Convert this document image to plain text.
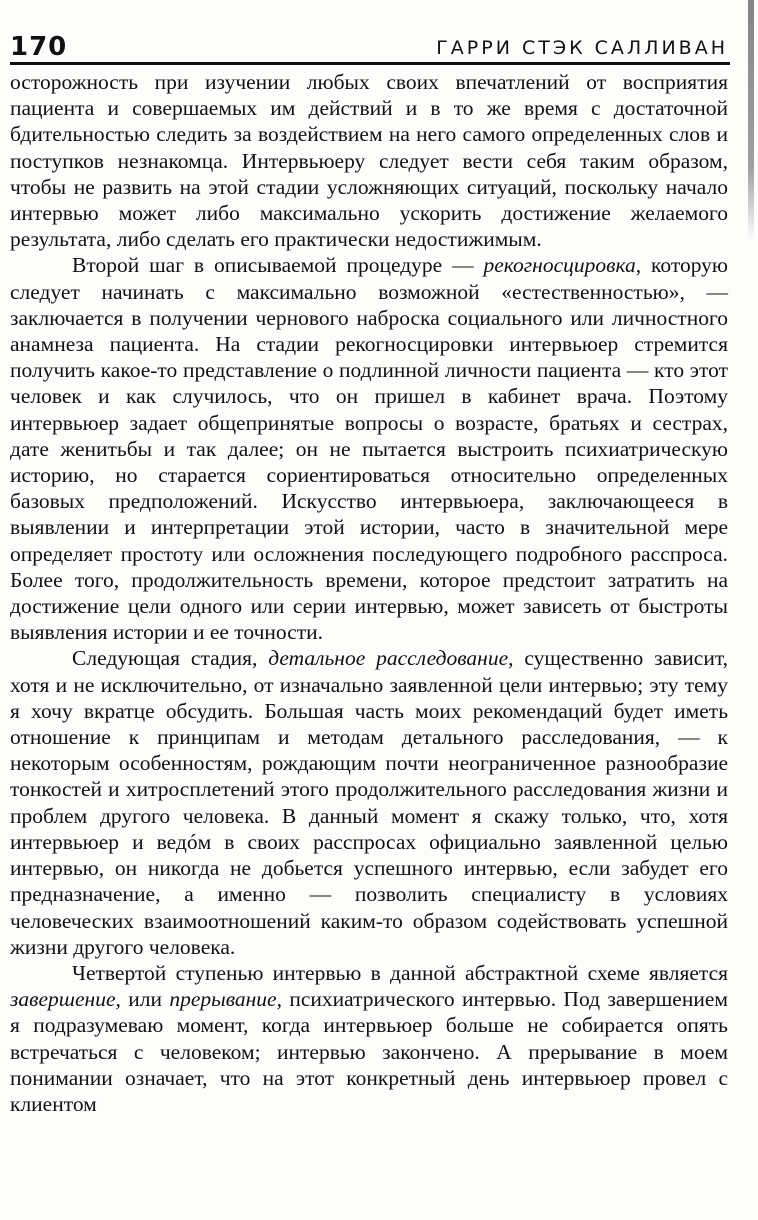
170	ГАРРИ СТЭК САЛЛИВАН

осторожность при изучении любых своих впечатлений от восприятия пациента и совершаемых им действий и в то же время с достаточной бдительностью следить за воздействием на него самого определенных слов и поступков незнакомца. Интервьюеру следует вести себя таким образом, чтобы не развить на этой стадии усложняющих ситуаций, поскольку начало интервью может либо максимально ускорить достижение желаемого результата, либо сделать его практически недостижимым.

Второй шаг в описываемой процедуре — рекогносцировка, которую следует начинать с максимально возможной «естественностью», — заключается в получении чернового наброска социального или личностного анамнеза пациента. На стадии рекогносцировки интервьюер стремится получить какое-то представление о подлинной личности пациента — кто этот человек и как случилось, что он пришел в кабинет врача. Поэтому интервьюер задает общепринятые вопросы о возрасте, братьях и сестрах, дате женитьбы и так далее; он не пытается выстроить психиатрическую историю, но старается сориентироваться относительно определенных базовых предположений. Искусство интервьюера, заключающееся в выявлении и интерпретации этой истории, часто в значительной мере определяет простоту или осложнения последующего подробного расспроса. Более того, продолжительность времени, которое предстоит затратить на достижение цели одного или серии интервью, может зависеть от быстроты выявления истории и ее точности.

Следующая стадия, детальное расследование, существенно зависит, хотя и не исключительно, от изначально заявленной цели интервью; эту тему я хочу вкратце обсудить. Большая часть моих рекомендаций будет иметь отношение к принципам и методам детального расследования, — к некоторым особенностям, рождающим почти неограниченное разнообразие тонкостей и хитросплетений этого продолжительного расследования жизни и проблем другого человека. В данный момент я скажу только, что, хотя интервьюер и ведóм в своих расспросах официально заявленной целью интервью, он никогда не добьется успешного интервью, если забудет его предназначение, а именно — позволить специалисту в условиях человеческих взаимоотношений каким-то образом содействовать успешной жизни другого человека.

Четвертой ступенью интервью в данной абстрактной схеме является завершение, или прерывание, психиатрического интервью. Под завершением я подразумеваю момент, когда интервьюер больше не собирается опять встречаться с человеком; интервью закончено. А прерывание в моем понимании означает, что на этот конкретный день интервьюер провел с клиентом
